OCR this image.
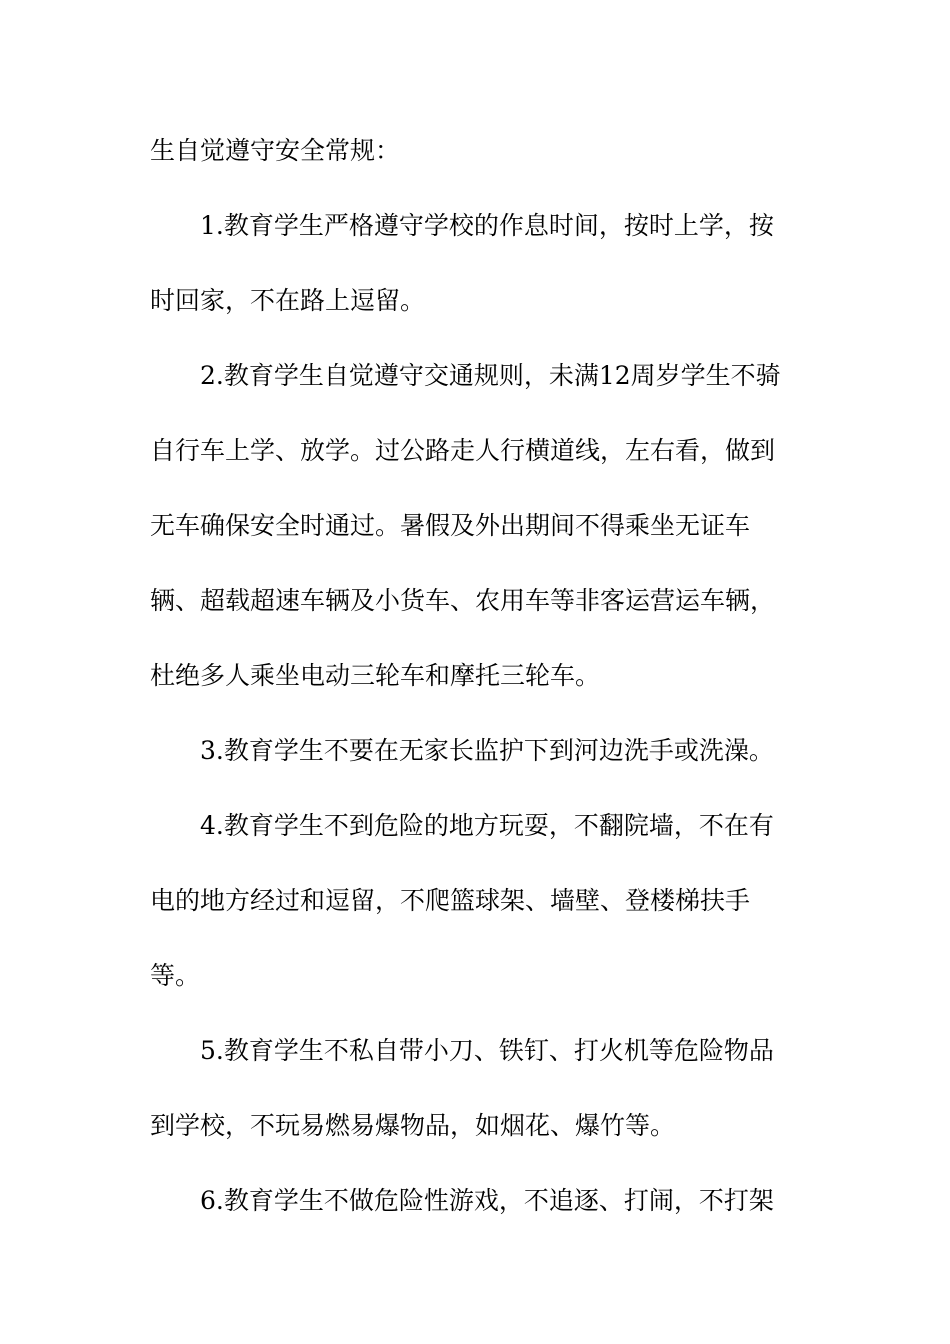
生自觉遵守安全常规：

1.教育学生严格遵守学校的作息时间，按时上学，按

时回家，不在路上逗留。

2.教育学生自觉遵守交通规则，未满12周岁学生不骑

自行车上学、放学。过公路走人行横道线，左右看，做到

无车确保安全时通过。暑假及外出期间不得乘坐无证车

辆、超载超速车辆及小货车、农用车等非客运营运车辆，

杜绝多人乘坐电动三轮车和摩托三轮车。

3.教育学生不要在无家长监护下到河边洗手或洗澡。

4.教育学生不到危险的地方玩耍，不翻院墙，不在有

电的地方经过和逗留，不爬篮球架、墙壁、登楼梯扶手

等。

5.教育学生不私自带小刀、铁钉、打火机等危险物品

到学校，不玩易燃易爆物品，如烟花、爆竹等。

6.教育学生不做危险性游戏，不追逐、打闹，不打架
